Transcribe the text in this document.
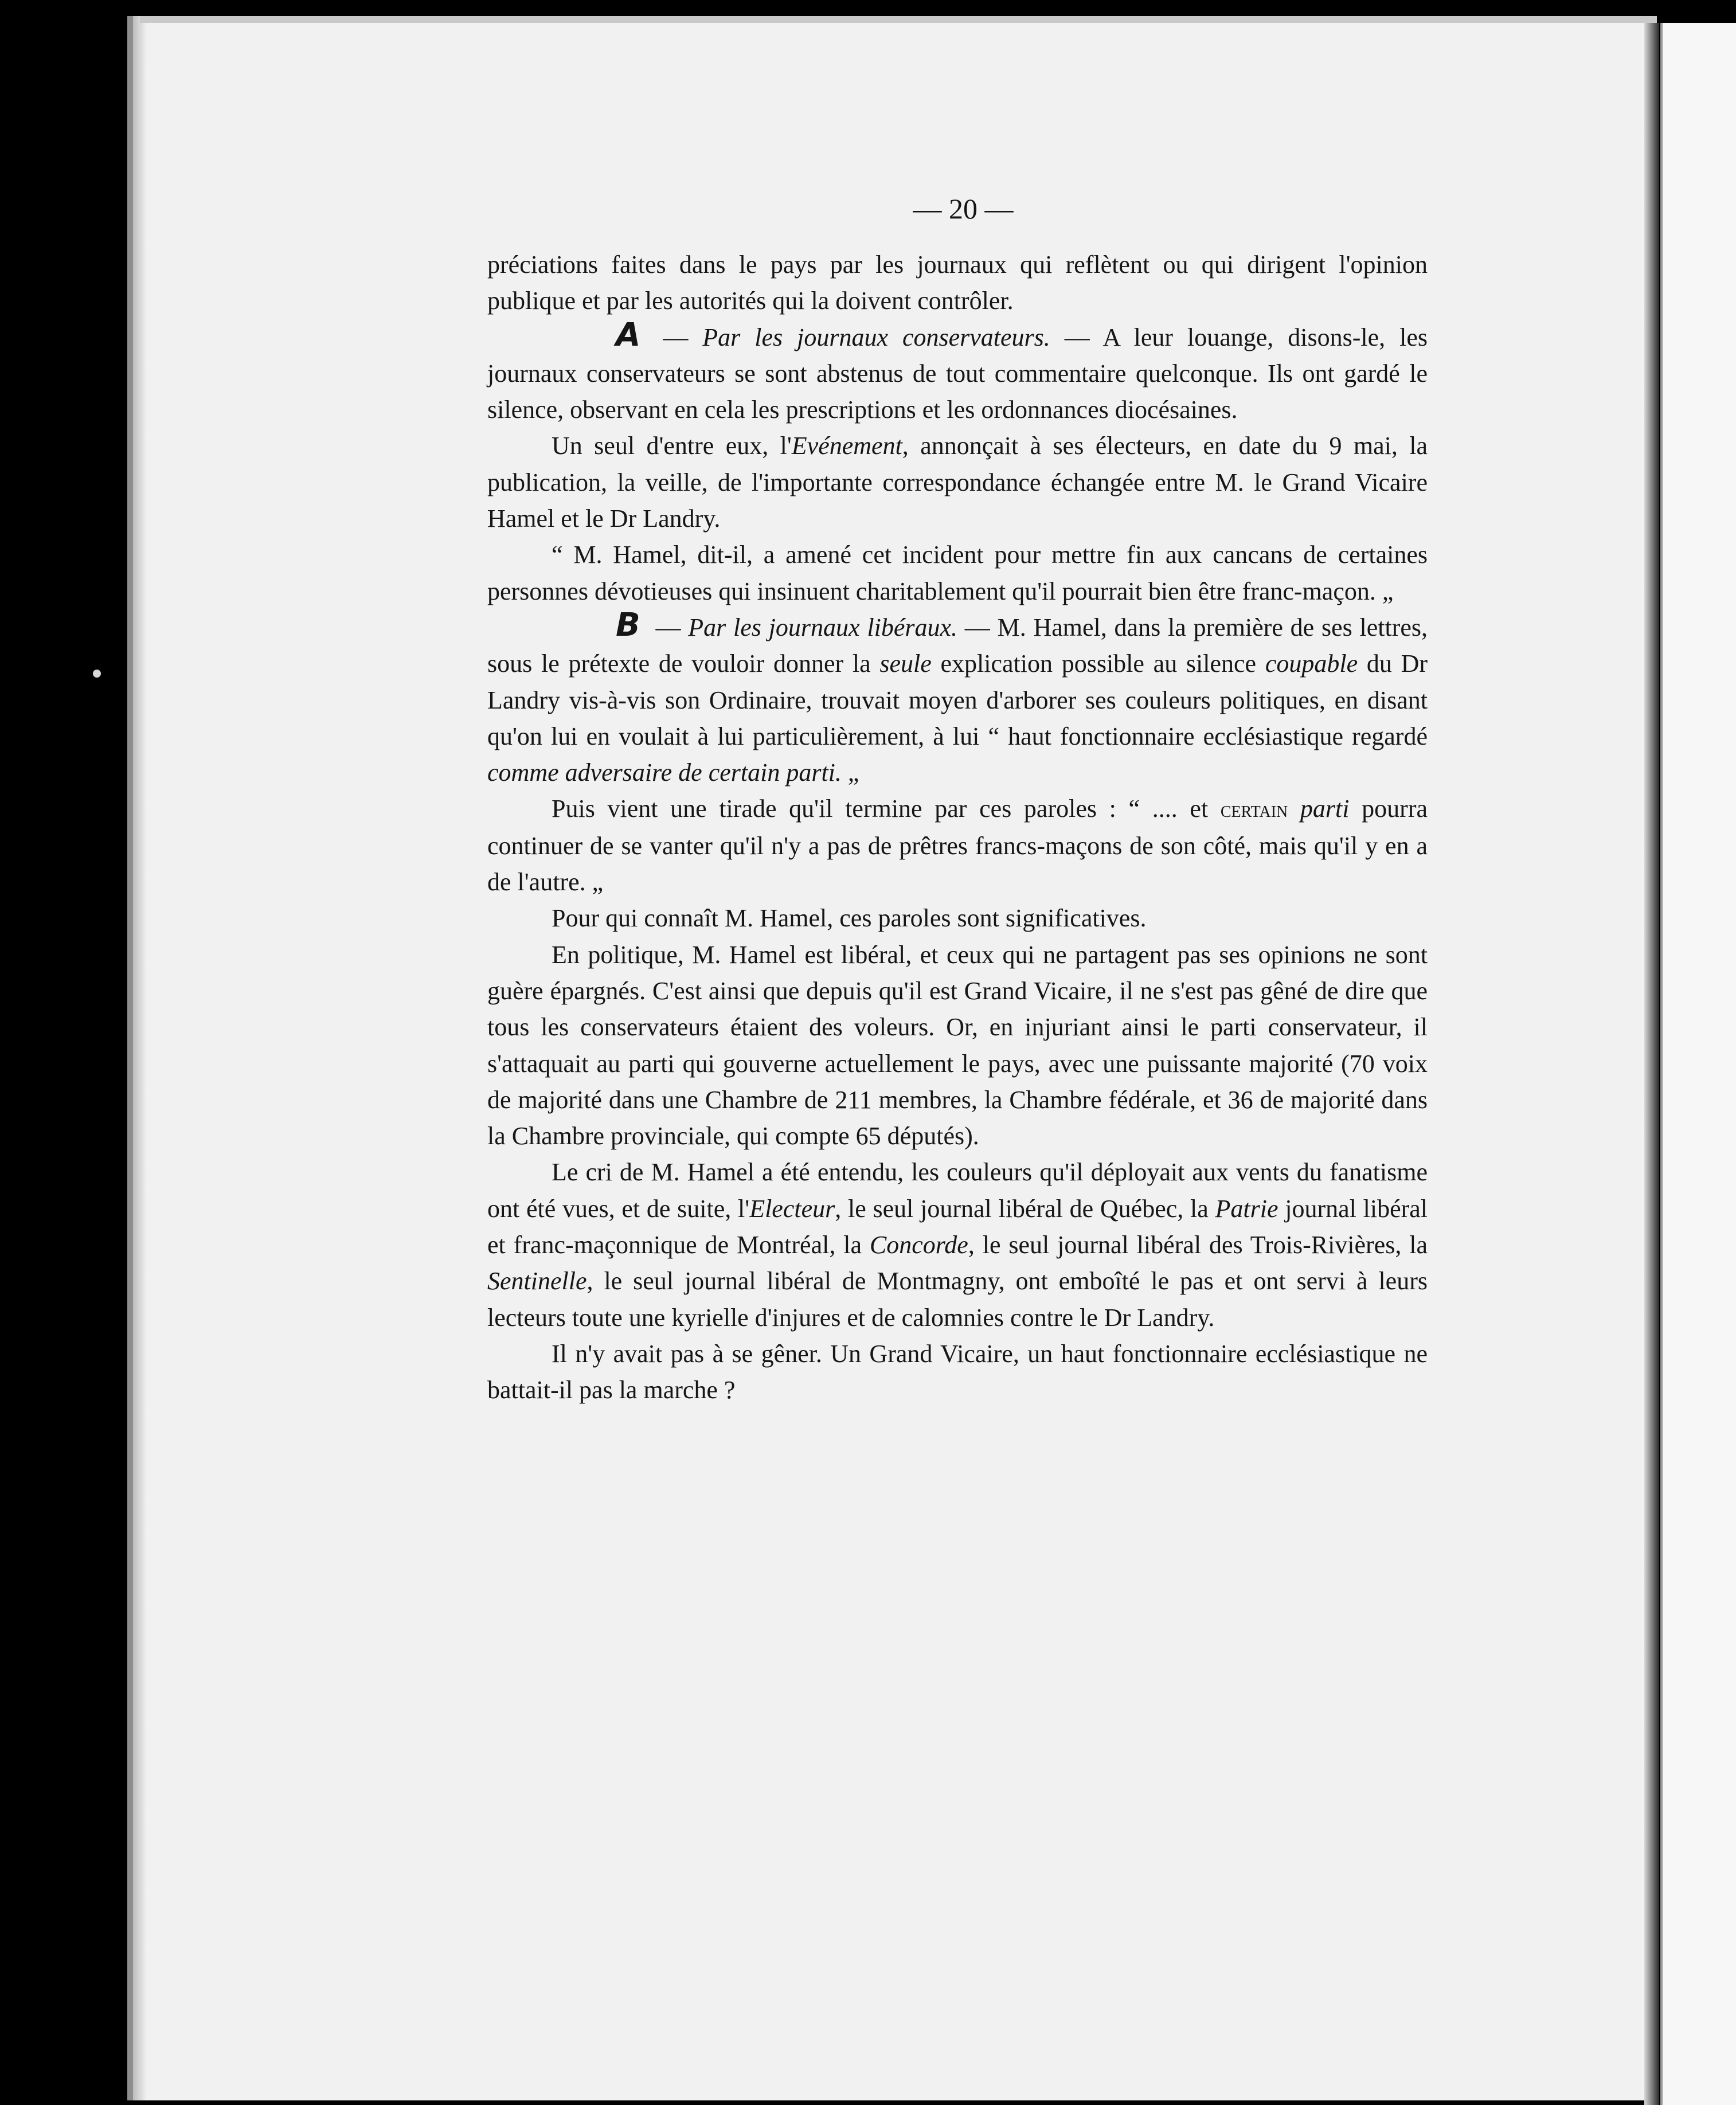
— 20 —

préciations faites dans le pays par les journaux qui reflètent ou qui dirigent l'opinion publique et par les autorités qui la doivent contrôler.

A — Par les journaux conservateurs. — A leur louange, disons-le, les journaux conservateurs se sont abstenus de tout commentaire quelconque. Ils ont gardé le silence, observant en cela les prescriptions et les ordonnances diocésaines.

Un seul d'entre eux, l'Evénement, annonçait à ses électeurs, en date du 9 mai, la publication, la veille, de l'importante correspondance échangée entre M. le Grand Vicaire Hamel et le Dr Landry.

“ M. Hamel, dit-il, a amené cet incident pour mettre fin aux cancans de certaines personnes dévotieuses qui insinuent charitablement qu'il pourrait bien être franc-maçon. „

B — Par les journaux libéraux. — M. Hamel, dans la première de ses lettres, sous le prétexte de vouloir donner la seule explication possible au silence coupable du Dr Landry vis-à-vis son Ordinaire, trouvait moyen d'arborer ses couleurs politiques, en disant qu'on lui en voulait à lui particulièrement, à lui “ haut fonctionnaire ecclésiastique regardé comme adversaire de certain parti. „

Puis vient une tirade qu'il termine par ces paroles : “ .... et certain parti pourra continuer de se vanter qu'il n'y a pas de prêtres francs-maçons de son côté, mais qu'il y en a de l'autre. „

Pour qui connaît M. Hamel, ces paroles sont significatives.

En politique, M. Hamel est libéral, et ceux qui ne partagent pas ses opinions ne sont guère épargnés. C'est ainsi que depuis qu'il est Grand Vicaire, il ne s'est pas gêné de dire que tous les conservateurs étaient des voleurs. Or, en injuriant ainsi le parti conservateur, il s'attaquait au parti qui gouverne actuellement le pays, avec une puissante majorité (70 voix de majorité dans une Chambre de 211 membres, la Chambre fédérale, et 36 de majorité dans la Chambre provinciale, qui compte 65 députés).

Le cri de M. Hamel a été entendu, les couleurs qu'il déployait aux vents du fanatisme ont été vues, et de suite, l'Electeur, le seul journal libéral de Québec, la Patrie journal libéral et franc-maçonnique de Montréal, la Concorde, le seul journal libéral des Trois-Rivières, la Sentinelle, le seul journal libéral de Montmagny, ont emboîté le pas et ont servi à leurs lecteurs toute une kyrielle d'injures et de calomnies contre le Dr Landry.

Il n'y avait pas à se gêner. Un Grand Vicaire, un haut fonctionnaire ecclésiastique ne battait-il pas la marche ?
